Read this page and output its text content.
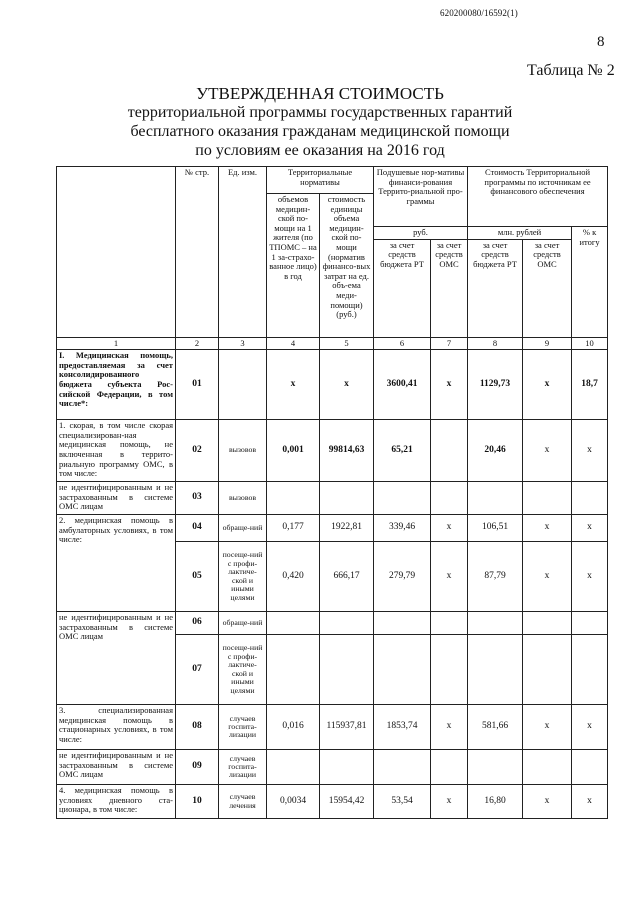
620200080/16592(1)
8
Таблица № 2
УТВЕРЖДЕННАЯ СТОИМОСТЬ
территориальной программы государственных гарантий
бесплатного оказания гражданам медицинской помощи
по условиям ее оказания на 2016 год
	№ стр.	Ед. изм.	Территориальные нормативы		Подушевые нор-мативы финанси-рования Террито-риальной про-граммы		Стоимость Территориальной программы по источникам ее финансового обеспечения		
			объемов медицин-ской по-мощи на 1 жителя (по ТПОМС – на 1 за-страхо-ванное лицо) в год	стоимость единицы объема медицин-ской по-мощи (норматив финансо-вых затрат на ед. объ-ема меди-помощи) (руб.)					
					руб.		млн. рублей		% к итогу
					за счет средств бюджета РТ	за счет средств ОМС	за счет средств бюджета РТ	за счет средств ОМС	
1	2	3	4	5	6	7	8	9	10
I. Медицинская помощь, предоставляемая за счет консолидированного бюджета субъекта Рос-сийской Федерации, в том числе*:	01		х	х	3600,41	х	1129,73	х	18,7
1. скорая, в том числе скорая специализирован-ная медицинская помощь, не включенная в террито-риальную программу ОМС, в том числе:	02	вызовов	0,001	99814,63	65,21		20,46	х	х
не идентифицированным и не застрахованным в системе ОМС лицам	03	вызовов							
2. медицинская помощь в амбулаторных условиях, в том числе:	04	обраще-ний	0,177	1922,81	339,46	х	106,51	х	х
	05	посеще-ний с профи-лактиче-ской и иными целями	0,420	666,17	279,79	х	87,79	х	х
не идентифицированным и не застрахованным в системе ОМС лицам	06	обраще-ний							
	07	посеще-ний с профи-лактиче-ской и иными целями							
3. специализированная медицинская помощь в стационарных условиях, в том числе:	08	случаев госпита-лизации	0,016	115937,81	1853,74	х	581,66	х	х
не идентифицированным и не застрахованным в системе ОМС лицам	09	случаев госпита-лизации							
4. медицинская помощь в условиях дневного ста-ционара, в том числе:	10	случаев лечения	0,0034	15954,42	53,54	х	16,80	х	х
